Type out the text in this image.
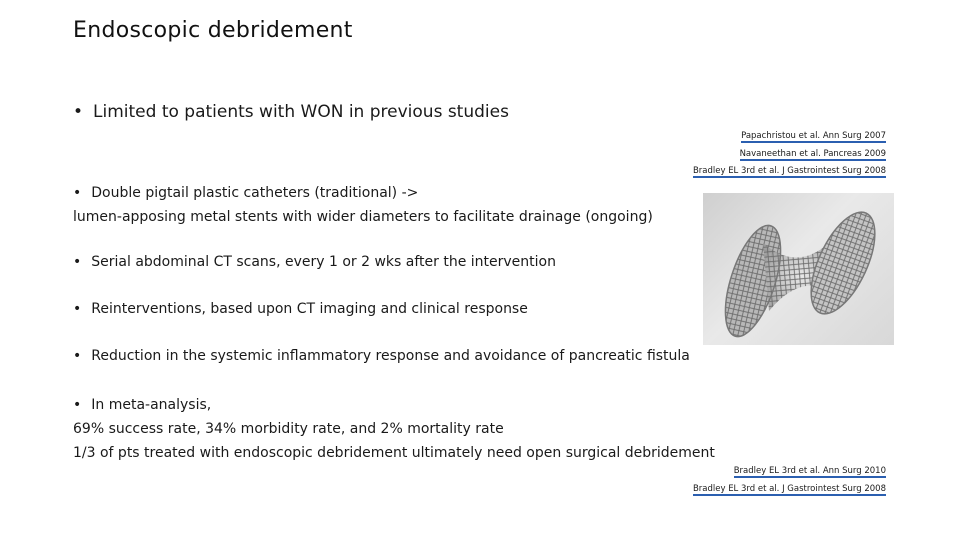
Endoscopic debridement
• Limited to patients with WON in previous studies
Papachristou et al. Ann Surg 2007
Navaneethan et al. Pancreas 2009
Bradley EL 3rd et al. J Gastrointest Surg 2008
• Double pigtail plastic catheters (traditional) ->
lumen-apposing metal stents with wider diameters to facilitate drainage (ongoing)
• Serial abdominal CT scans, every 1 or 2 wks after the intervention
• Reinterventions, based upon CT imaging and clinical response
• Reduction in the systemic inflammatory response and avoidance of pancreatic fistula
• In meta-analysis,
69% success rate, 34% morbidity rate, and 2% mortality rate
1/3 of pts treated with endoscopic debridement ultimately need open surgical debridement
Bradley EL 3rd et al. Ann Surg 2010
Bradley EL 3rd et al. J Gastrointest Surg 2008
